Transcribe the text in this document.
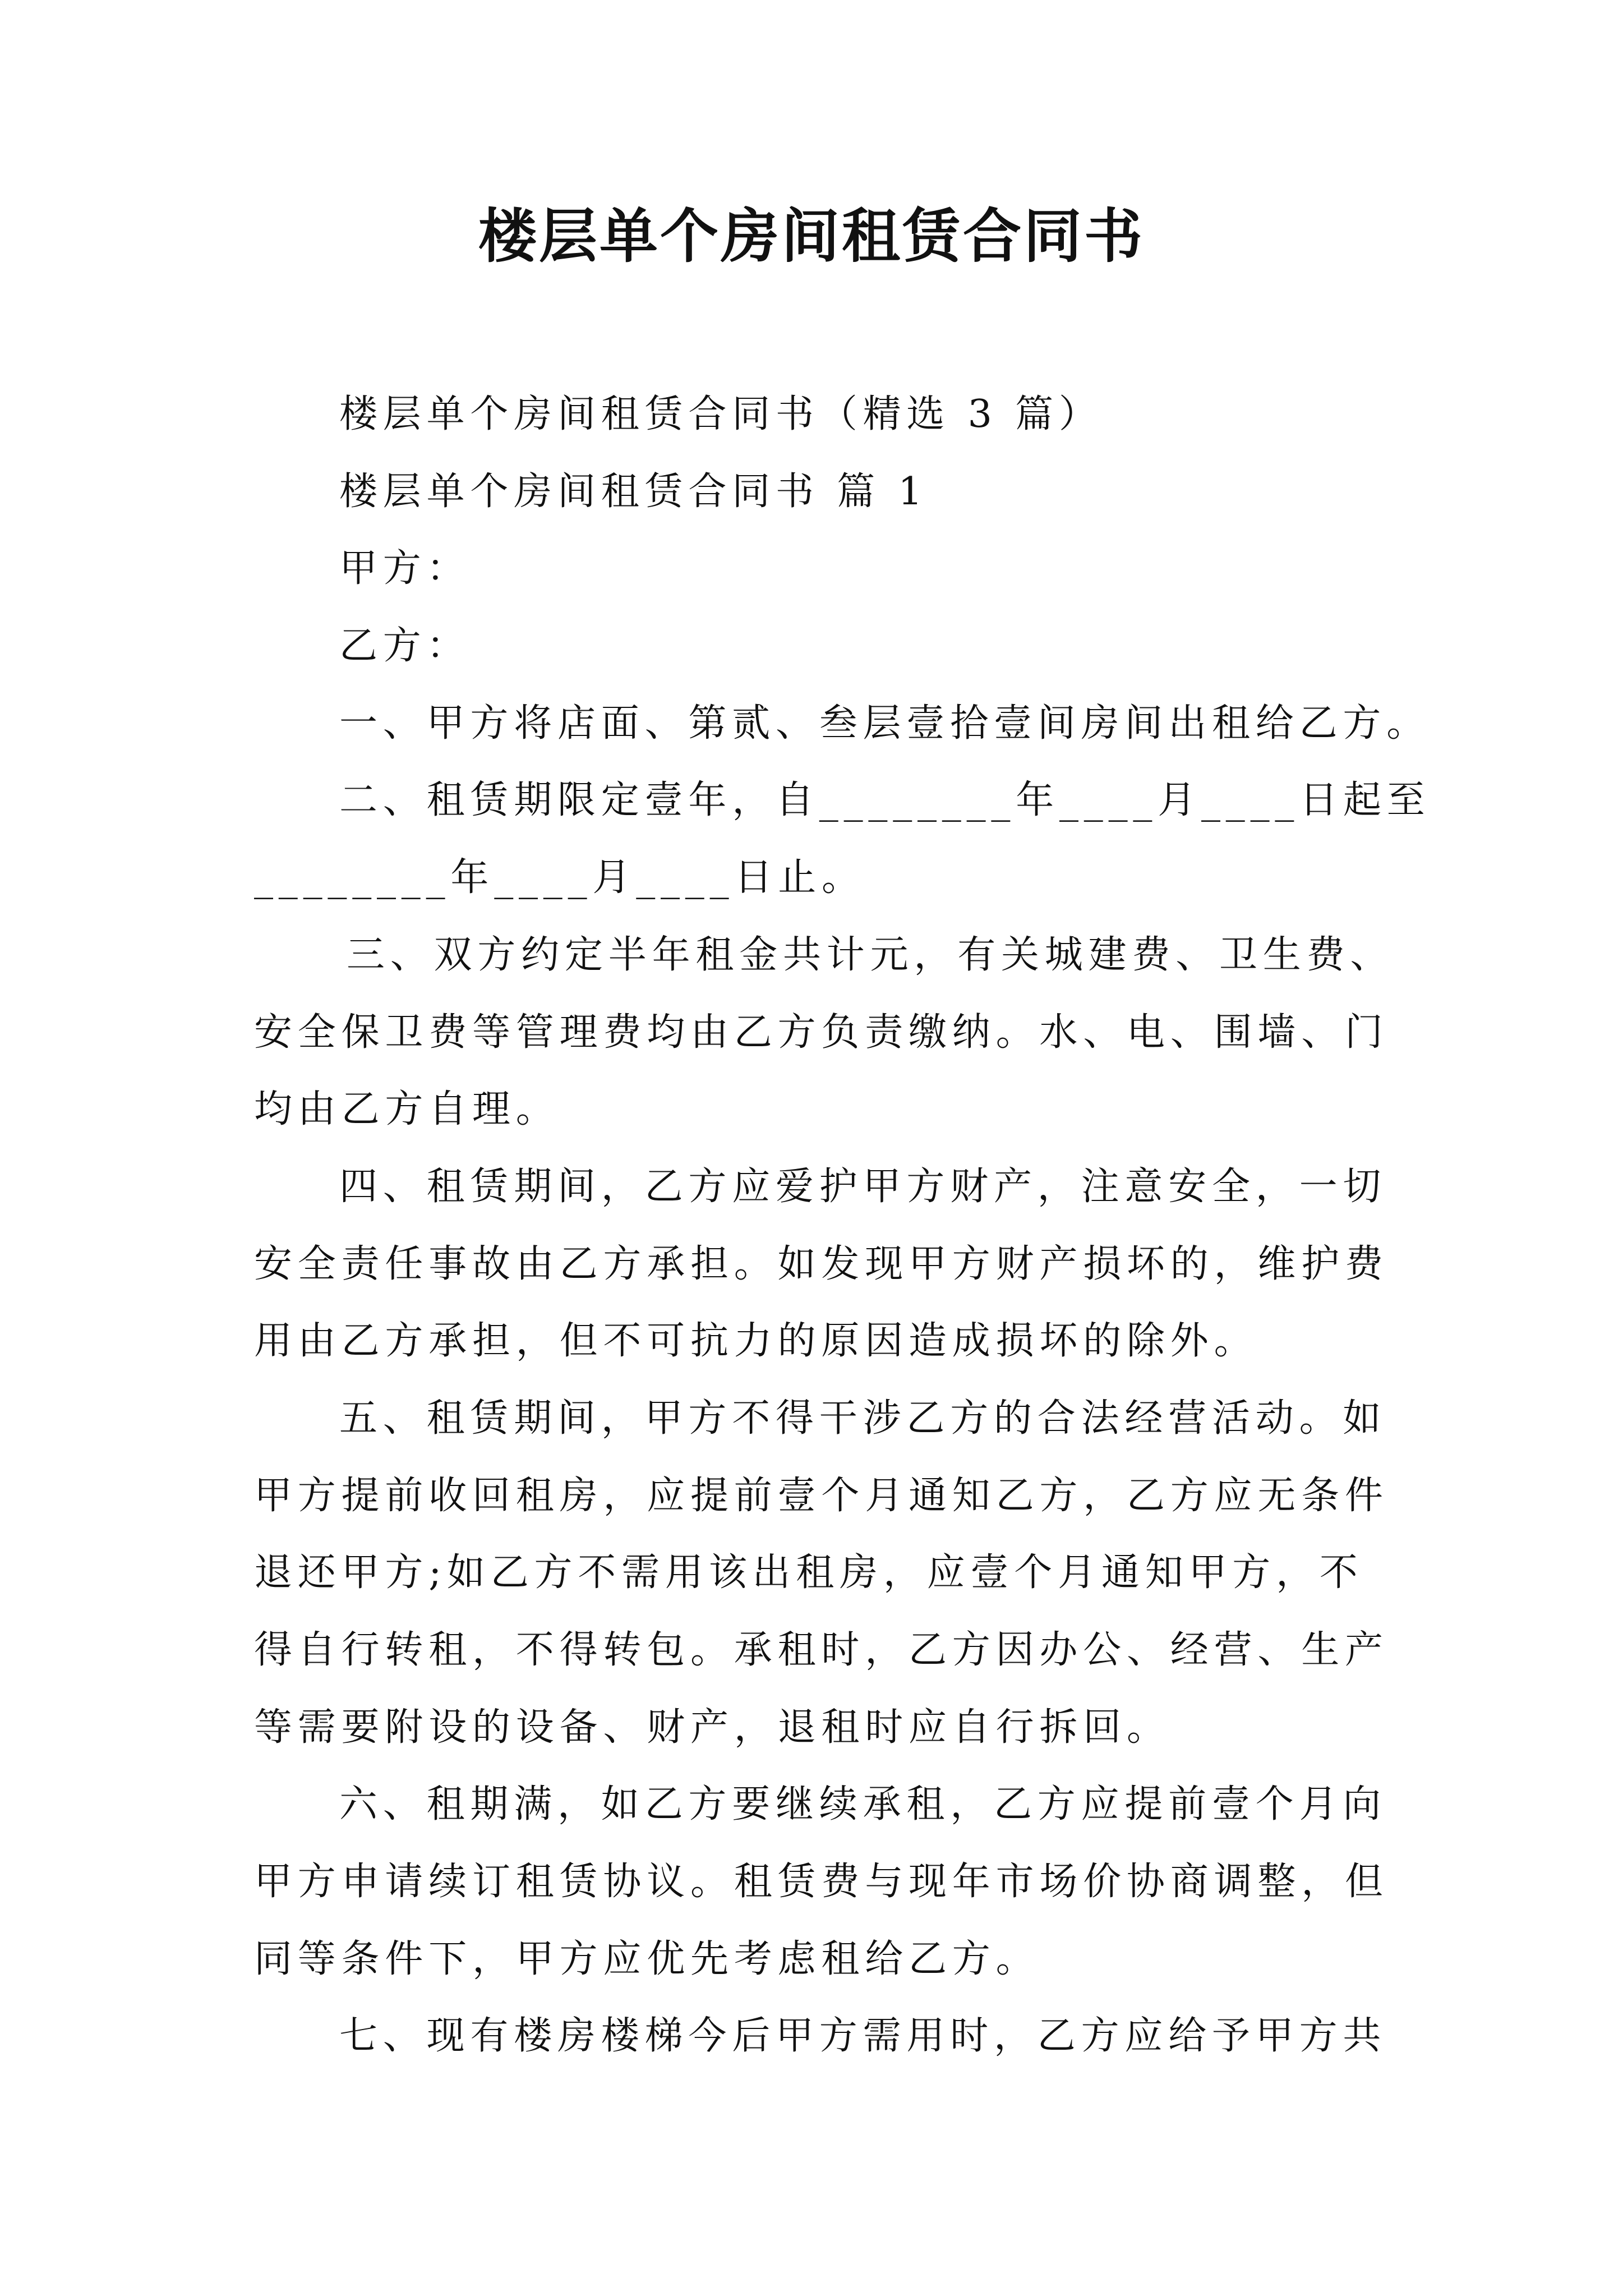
楼层单个房间租赁合同书
楼层单个房间租赁合同书（精选 3 篇）
楼层单个房间租赁合同书 篇 1
甲方：
乙方：
一、甲方将店面、第贰、叁层壹拾壹间房间出租给乙方。
二、租赁期限定壹年，自________年____月____日起至
________年____月____日止。
三、双方约定半年租金共计元，有关城建费、卫生费、
安全保卫费等管理费均由乙方负责缴纳。水、电、围墙、门
均由乙方自理。
四、租赁期间，乙方应爱护甲方财产，注意安全，一切
安全责任事故由乙方承担。如发现甲方财产损坏的，维护费
用由乙方承担，但不可抗力的原因造成损坏的除外。
五、租赁期间，甲方不得干涉乙方的合法经营活动。如
甲方提前收回租房，应提前壹个月通知乙方，乙方应无条件
退还甲方;如乙方不需用该出租房，应壹个月通知甲方，不
得自行转租，不得转包。承租时，乙方因办公、经营、生产
等需要附设的设备、财产，退租时应自行拆回。
六、租期满，如乙方要继续承租，乙方应提前壹个月向
甲方申请续订租赁协议。租赁费与现年市场价协商调整，但
同等条件下，甲方应优先考虑租给乙方。
七、现有楼房楼梯今后甲方需用时，乙方应给予甲方共
